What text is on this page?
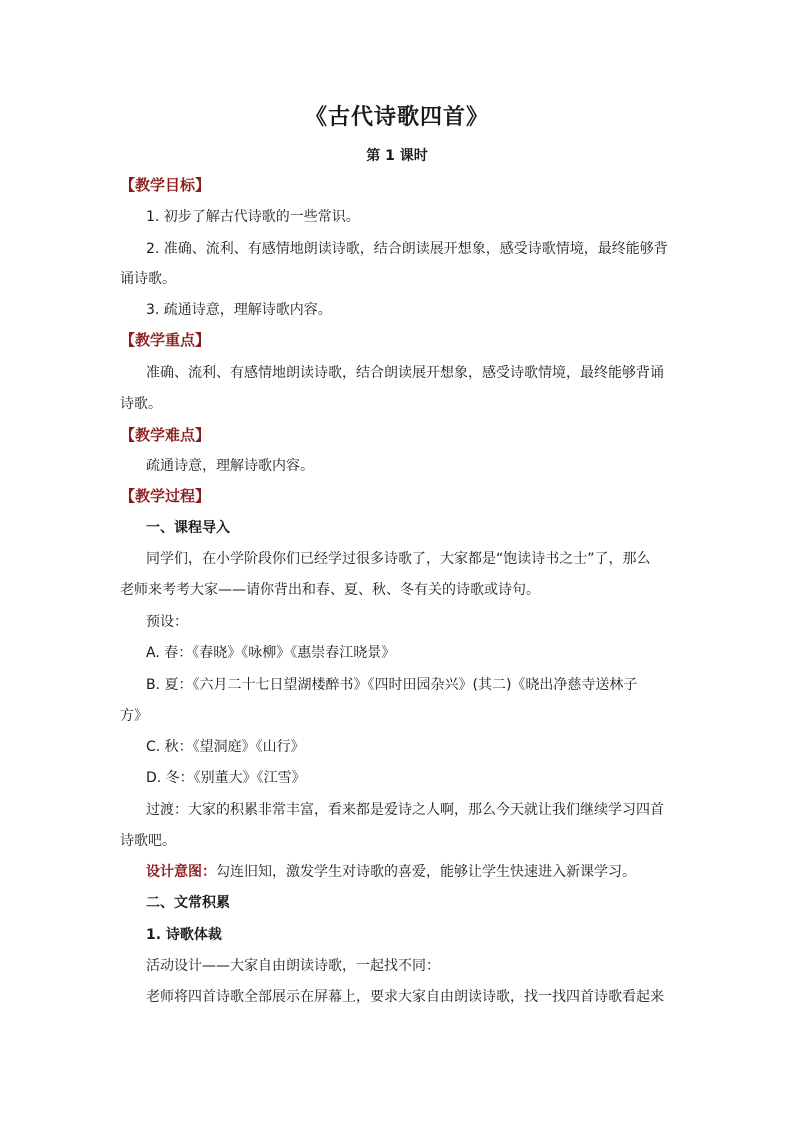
《古代诗歌四首》
第 1 课时
【教学目标】
1. 初步了解古代诗歌的一些常识。
2. 准确、流利、有感情地朗读诗歌，结合朗读展开想象，感受诗歌情境，最终能够背
诵诗歌。
3. 疏通诗意，理解诗歌内容。
【教学重点】
准确、流利、有感情地朗读诗歌，结合朗读展开想象，感受诗歌情境，最终能够背诵
诗歌。
【教学难点】
疏通诗意，理解诗歌内容。
【教学过程】
一、课程导入
同学们，在小学阶段你们已经学过很多诗歌了，大家都是“饱读诗书之士”了，那么
老师来考考大家——请你背出和春、夏、秋、冬有关的诗歌或诗句。
预设：
A. 春：《春晓》《咏柳》《惠崇春江晓景》
B. 夏：《六月二十七日望湖楼醉书》《四时田园杂兴》(其二)《晓出净慈寺送林子
方》
C. 秋：《望洞庭》《山行》
D. 冬：《别董大》《江雪》
过渡：大家的积累非常丰富，看来都是爱诗之人啊，那么今天就让我们继续学习四首
诗歌吧。
设计意图：勾连旧知，激发学生对诗歌的喜爱，能够让学生快速进入新课学习。
二、文常积累
1. 诗歌体裁
活动设计——大家自由朗读诗歌，一起找不同：
老师将四首诗歌全部展示在屏幕上，要求大家自由朗读诗歌，找一找四首诗歌看起来
